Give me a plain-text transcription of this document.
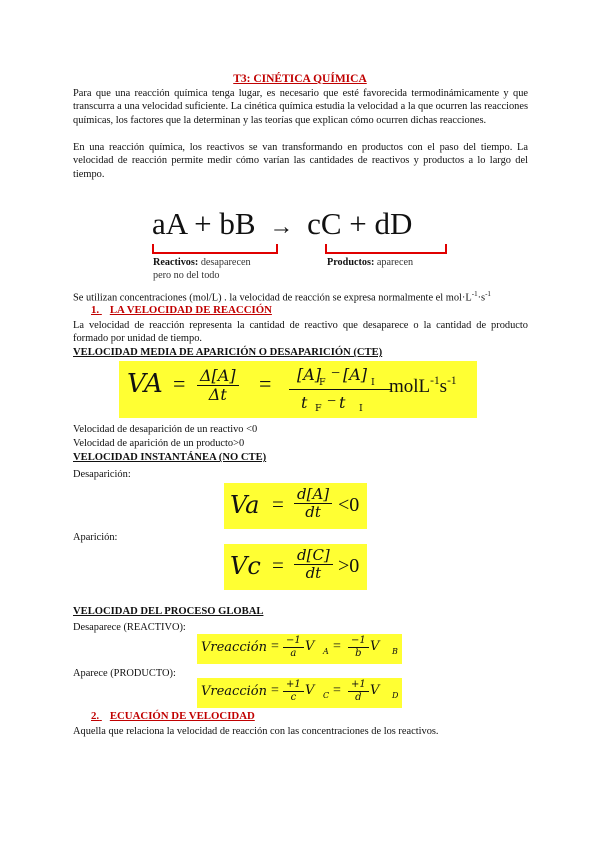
T3: CINÉTICA QUÍMICA

Para que una reacción química tenga lugar, es necesario que esté favorecida termodinámicamente y que transcurra a una velocidad suficiente. La cinética química estudia la velocidad a la que ocurren las reacciones químicas, los factores que la determinan y las teorías que explican cómo ocurren dichas reacciones.

En una reacción química, los reactivos se van transformando en productos con el paso del tiempo. La velocidad de reacción permite medir cómo varían las cantidades de reactivos y productos a lo largo del tiempo.

aA + bB → cC + dD
Reactivos: desaparecen
pero no del todo
Productos: aparecen
Se utilizan concentraciones (mol/L) . la velocidad de reacción se expresa normalmente el $mol\cdot L^{-1}\cdot s^{-1}$
1. LA VELOCIDAD DE REACCIÓN

La velocidad de reacción representa la cantidad de reactivo que desaparece o la cantidad de producto formado por unidad de tiempo.

VELOCIDAD MEDIA DE APARICIÓN O DESAPARICIÓN (CTE)
VA = $\frac{\Delta[A]}{\Delta t} = [A]$
F
− [A] I
t F − t I
$molL^{-1}s^{-1}$
Velocidad de desaparición de un reactivo <0
Velocidad de aparición de un producto>0
VELOCIDAD INSTANTÁNEA (NO CTE)
Desaparición:
$Va = \frac{d[A]}{dt} <0$
Aparición:
$Vc = \frac{d[C]}{dt} >0$
VELOCIDAD DEL PROCESO GLOBAL
Desaparece (REACTIVO):
Vreacción = $\frac{-1}{a}$ V $A = \frac{-1}{b}$ V B
Aparece (PRODUCTO):
Vreacción = $\frac{+1}{c}$ V $C = \frac{+1}{d}$ V D
2. ECUACIÓN DE VELOCIDAD
Aquella que relaciona la velocidad de reacción con las concentraciones de los reactivos.
